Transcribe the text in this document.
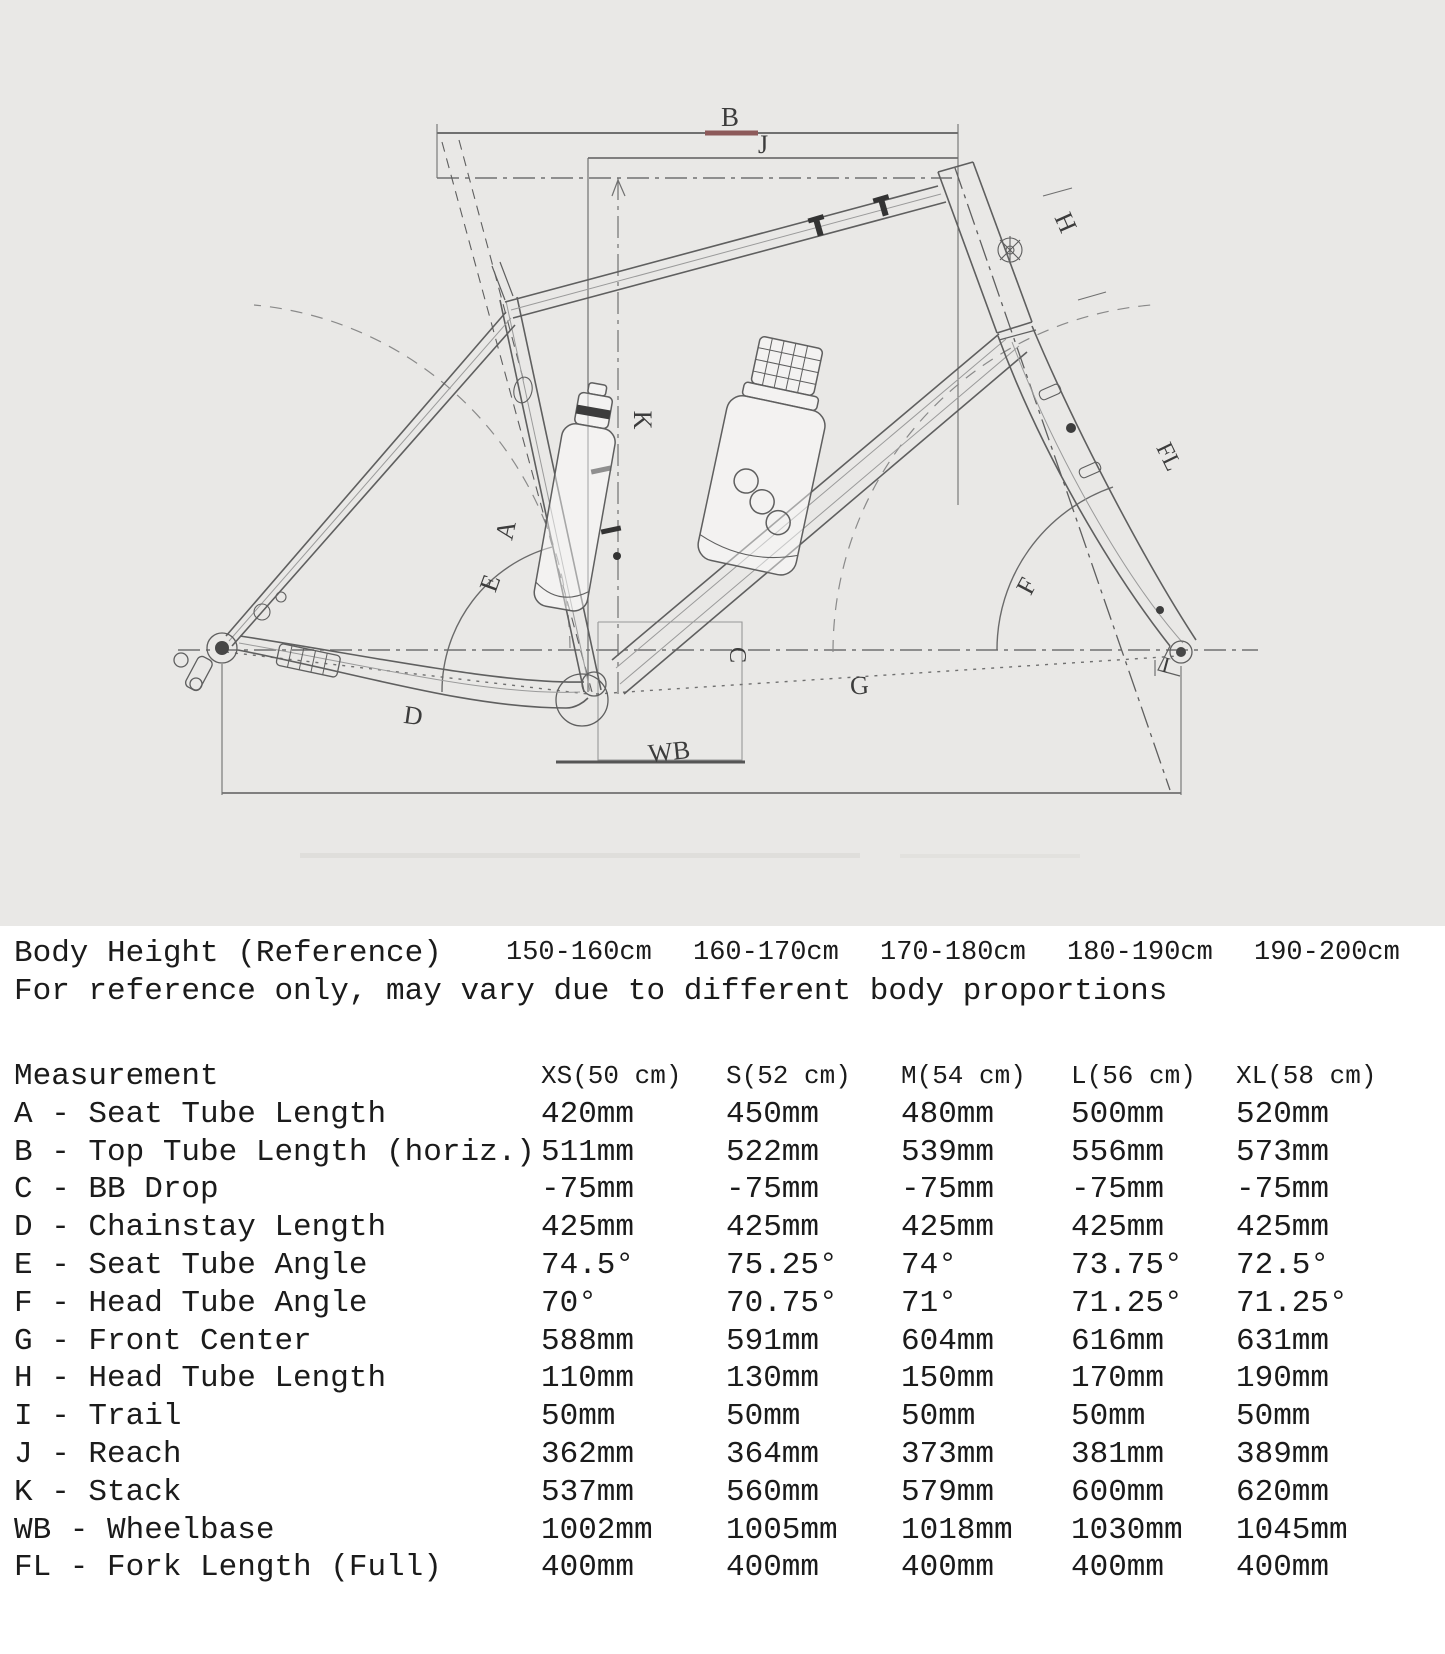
B
J
K
A
E	F
H
FL
I
C
D
G
WB
Body Height (Reference)	150-160cm	160-170cm	170-180cm	180-190cm	190-200cm
For reference only, may vary due to different body proportions
Measurement	XS(50 cm)	S(52 cm)	M(54 cm)	L(56 cm)	XL(58 cm)
A - Seat Tube Length	420mm	450mm	480mm	500mm	520mm
B - Top Tube Length (horiz.) 511mm	522mm	539mm	556mm	573mm
C - BB Drop	-75mm	-75mm	-75mm	-75mm	-75mm
D - Chainstay Length	425mm	425mm	425mm	425mm	425mm
E - Seat Tube Angle	74.5°	75.25°	74°	73.75°	72.5°
F - Head Tube Angle	70°	70.75°	71°	71.25°	71.25°
G - Front Center	588mm	591mm	604mm	616mm	631mm
H - Head Tube Length	110mm	130mm	150mm	170mm	190mm
I - Trail	50mm	50mm	50mm	50mm	50mm
J - Reach	362mm	364mm	373mm	381mm	389mm
K - Stack	537mm	560mm	579mm	600mm	620mm
WB - Wheelbase	1002mm	1005mm	1018mm	1030mm	1045mm
FL - Fork Length (Full)	400mm	400mm	400mm	400mm	400mm
